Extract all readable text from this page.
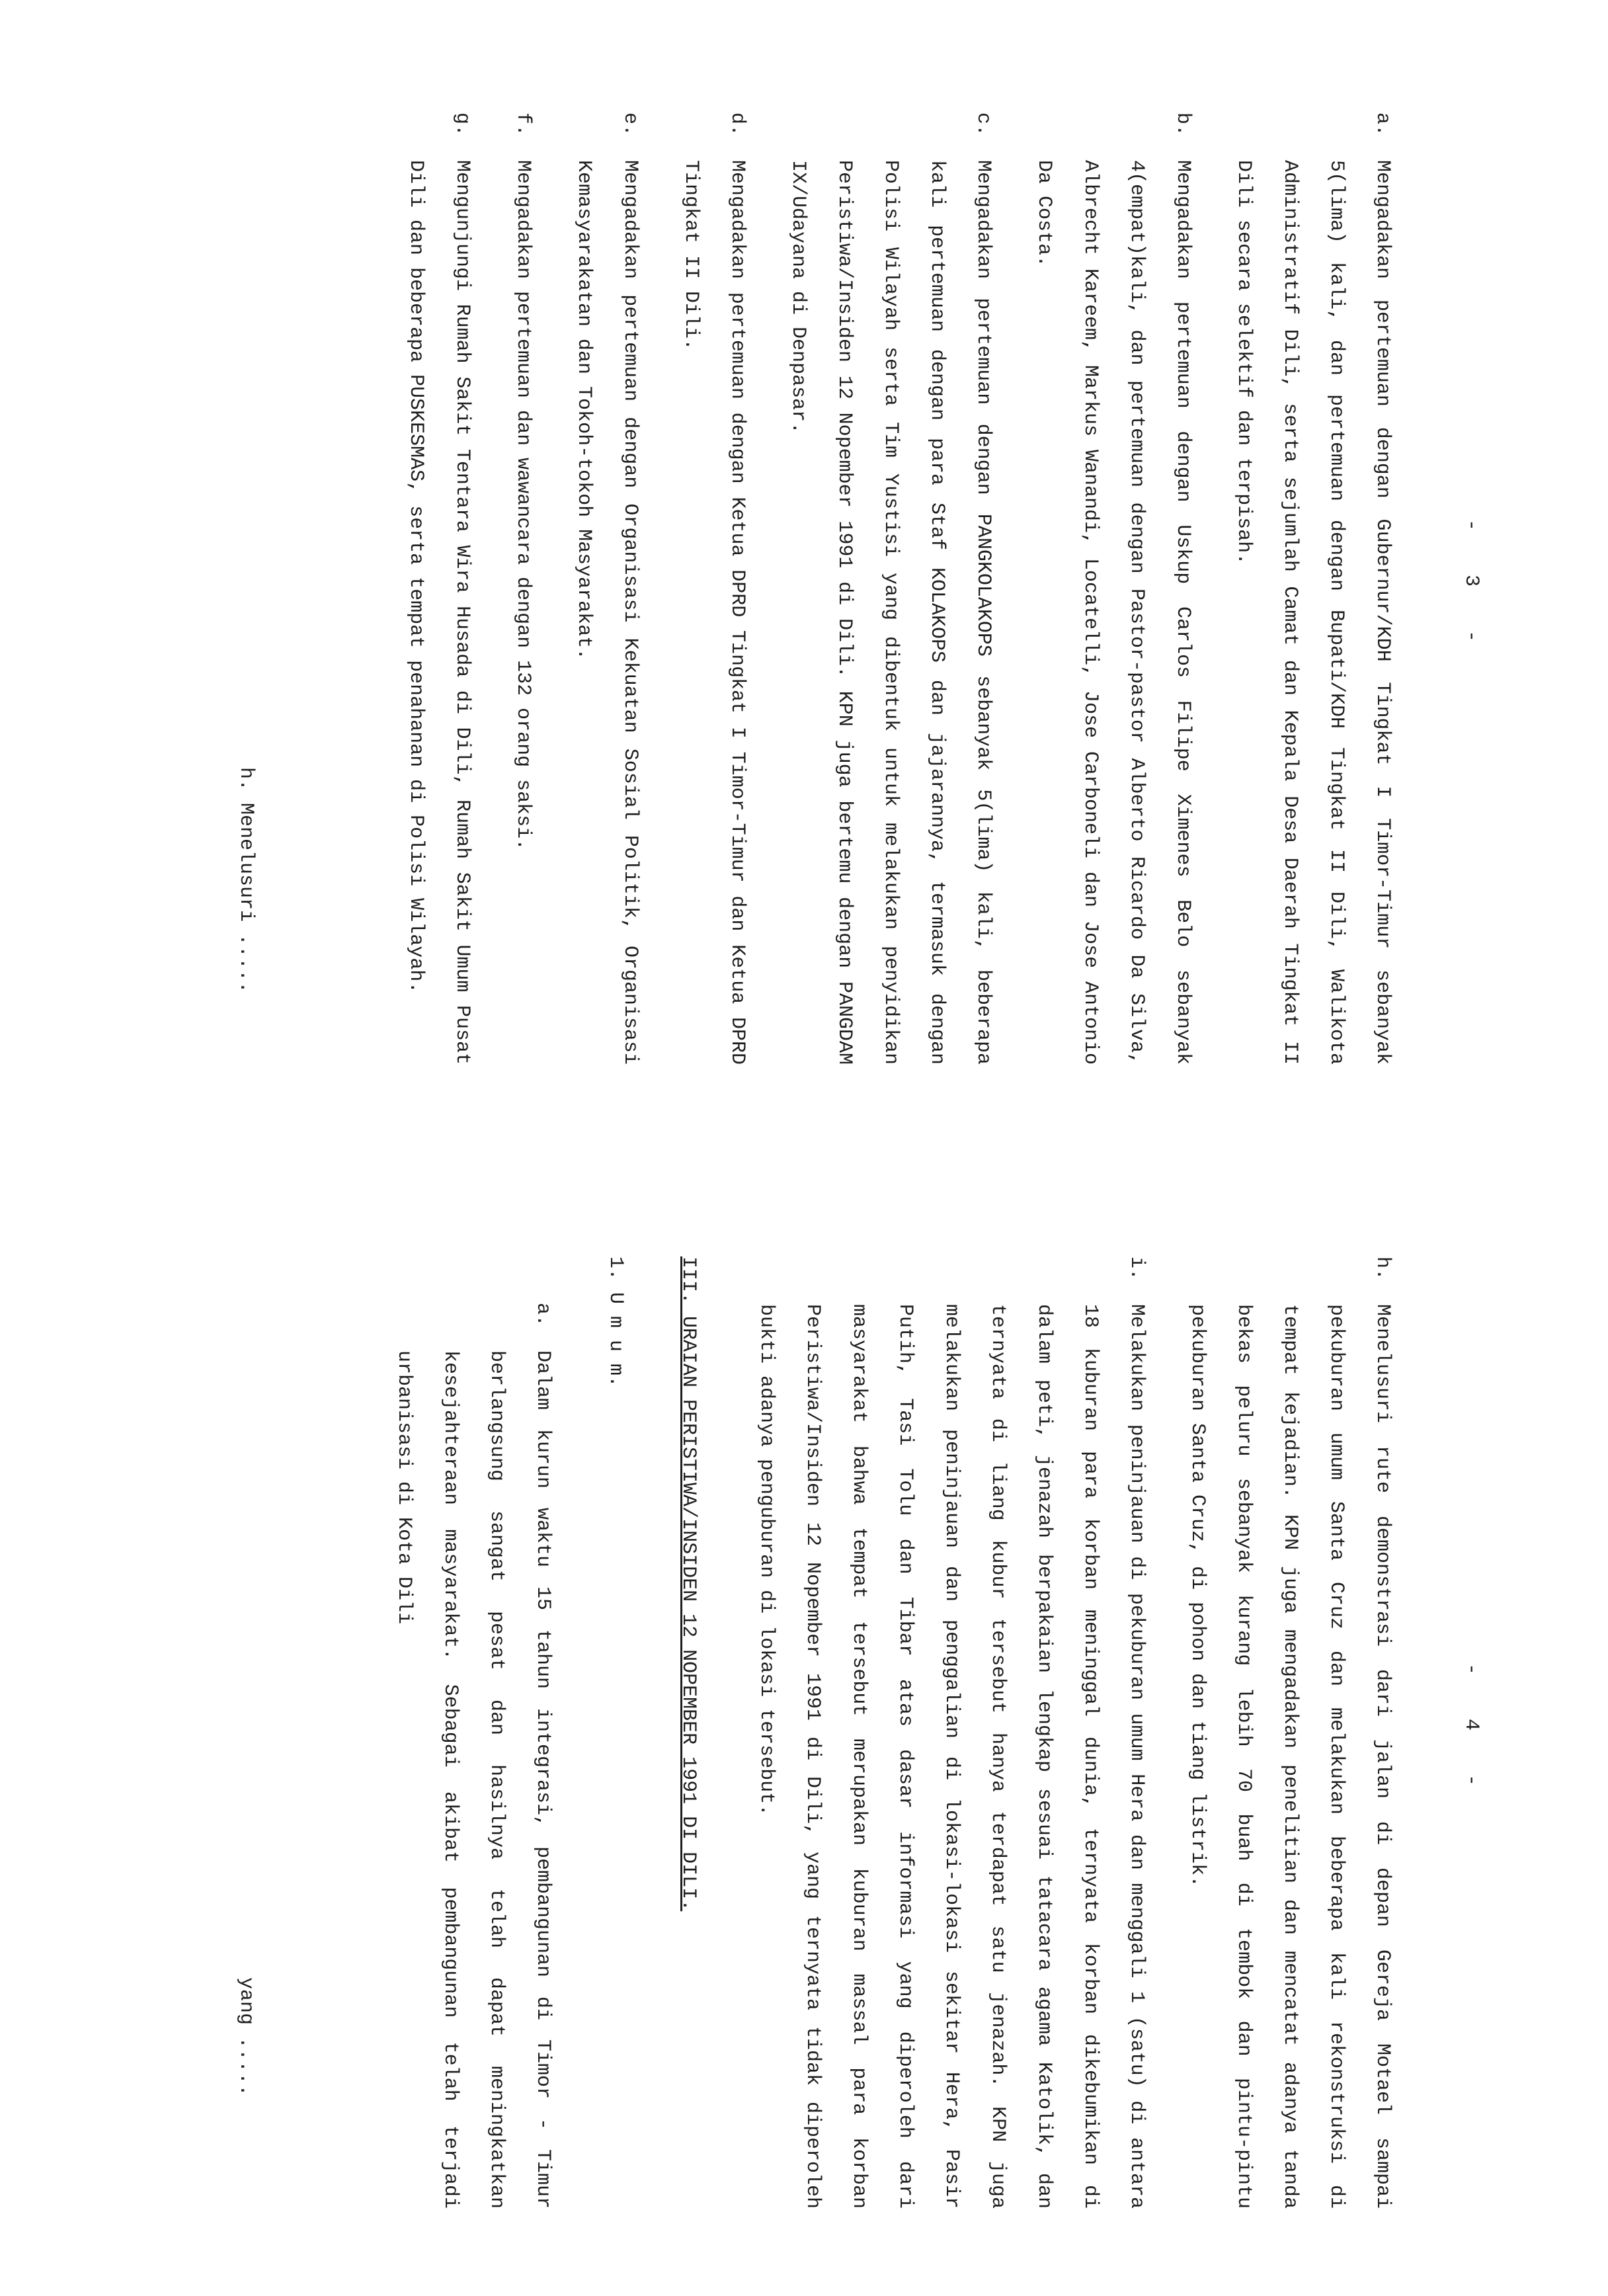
- 3 -
a.
Mengadakan pertemuan dengan Gubernur/KDH Tingkat I Timor-Timur sebanyak 5(lima) kali, dan pertemuan dengan Bupati/KDH Tingkat II Dili, Walikota Administratif Dili, serta sejumlah Camat dan Kepala Desa Daerah Tingkat II Dili secara selektif dan terpisah.
b.
Mengadakan pertemuan dengan Uskup Carlos Filipe Ximenes Belo sebanyak 4(empat)kali, dan pertemuan dengan Pastor-pastor Alberto Ricardo Da Silva, Albrecht Kareem, Markus Wanandi, Locatelli, Jose Carboneli dan Jose Antonio Da Costa.
c.
Mengadakan pertemuan dengan PANGKOLAKOPS sebanyak 5(lima) kali, beberapa kali pertemuan dengan para Staf KOLAKOPS dan jajarannya, termasuk dengan Polisi Wilayah serta Tim Yustisi yang dibentuk untuk melakukan penyidikan Peristiwa/Insiden 12 Nopember 1991 di Dili. KPN juga bertemu dengan PANGDAM IX/Udayana di Denpasar.
d.
Mengadakan pertemuan dengan Ketua DPRD Tingkat I Timor-Timur dan Ketua DPRD Tingkat II Dili.
e.
Mengadakan pertemuan dengan Organisasi Kekuatan Sosial Politik, Organisasi Kemasyarakatan dan Tokoh-tokoh Masyarakat.
f.
Mengadakan pertemuan dan wawancara dengan 132 orang saksi.
g.
Mengunjungi Rumah Sakit Tentara Wira Husada di Dili, Rumah Sakit Umum Pusat Dili dan beberapa PUSKESMAS, serta tempat penahanan di Polisi Wilayah.
h. Menelusuri .....
- 4 -
h.
Menelusuri rute demonstrasi dari jalan di depan Gereja Motael sampai pekuburan umum Santa Cruz dan melakukan beberapa kali rekonstruksi di tempat kejadian. KPN juga mengadakan penelitian dan mencatat adanya tanda bekas peluru sebanyak kurang lebih 70 buah di tembok dan pintu-pintu pekuburan Santa Cruz, di pohon dan tiang listrik.
i.
Melakukan peninjauan di pekuburan umum Hera dan menggali 1 (satu) di antara 18 kuburan para korban meninggal dunia, ternyata korban dikebumikan di dalam peti, jenazah berpakaian lengkap sesuai tatacara agama Katolik, dan ternyata di liang kubur tersebut hanya terdapat satu jenazah. KPN juga melakukan peninjauan dan penggalian di lokasi-lokasi sekitar Hera, Pasir Putih, Tasi Tolu dan Tibar atas dasar informasi yang diperoleh dari masyarakat bahwa tempat tersebut merupakan kuburan massal para korban Peristiwa/Insiden 12 Nopember 1991 di Dili, yang ternyata tidak diperoleh bukti adanya penguburan di lokasi tersebut.
III. URAIAN PERISTIWA/INSIDEN 12 NOPEMBER 1991 DI DILI.
1. U m u m.
a.
Dalam kurun waktu 15 tahun integrasi, pembangunan di Timor - Timur berlangsung sangat pesat dan hasilnya telah dapat meningkatkan kesejahteraan masyarakat. Sebagai akibat pembangunan telah terjadi urbanisasi di Kota Dili
yang .....
